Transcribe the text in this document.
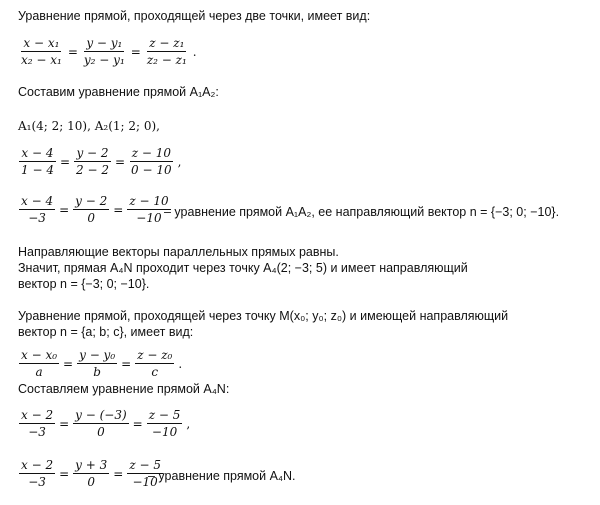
Уравнение прямой, проходящей через две точки, имеет вид:
$\frac{\text{x − x₁}}{\text{x₂ − x₁}} = \frac{\text{y − y₁}}{\text{y₂ − y₁}} = \frac{\text{z − z₁}}{\text{z₂ − z₁}}$ .
Составим уравнение прямой A₁A₂:
A₁(4; 2; 10), A₂(1; 2; 0),
$\frac{x - 4}{1 - 4} = \frac{y - 2}{2 - 2} = \frac{z - 10}{0 - 10}$ ,
$\frac{x - 4}{-3} = \frac{y - 2}{0} = \frac{z - 10}{-10}$
– уравнение прямой A₁A₂, ее направляющий вектор n = {−3; 0; −10}.
Направляющие векторы параллельных прямых равны.
Значит, прямая A₄N проходит через точку A₄(2; −3; 5) и имеет направляющий
вектор n = {−3; 0; −10}.
Уравнение прямой, проходящей через точку M(x₀; y₀; z₀) и имеющей направляющий
вектор n = {a; b; c}, имеет вид:
$\frac{\text{x − x₀}}{a} = \frac{\text{y − y₀}}{b} = \frac{\text{z − z₀}}{c}$ .
Составляем уравнение прямой A₄N:
$\frac{x - 2}{-3} = \frac{y - (-3)}{0} = \frac{z - 5}{-10}$ ,
$\frac{x - 2}{-3} = \frac{y + 3}{0} = \frac{z - 5}{-10}$
– уравнение прямой A₄N.
